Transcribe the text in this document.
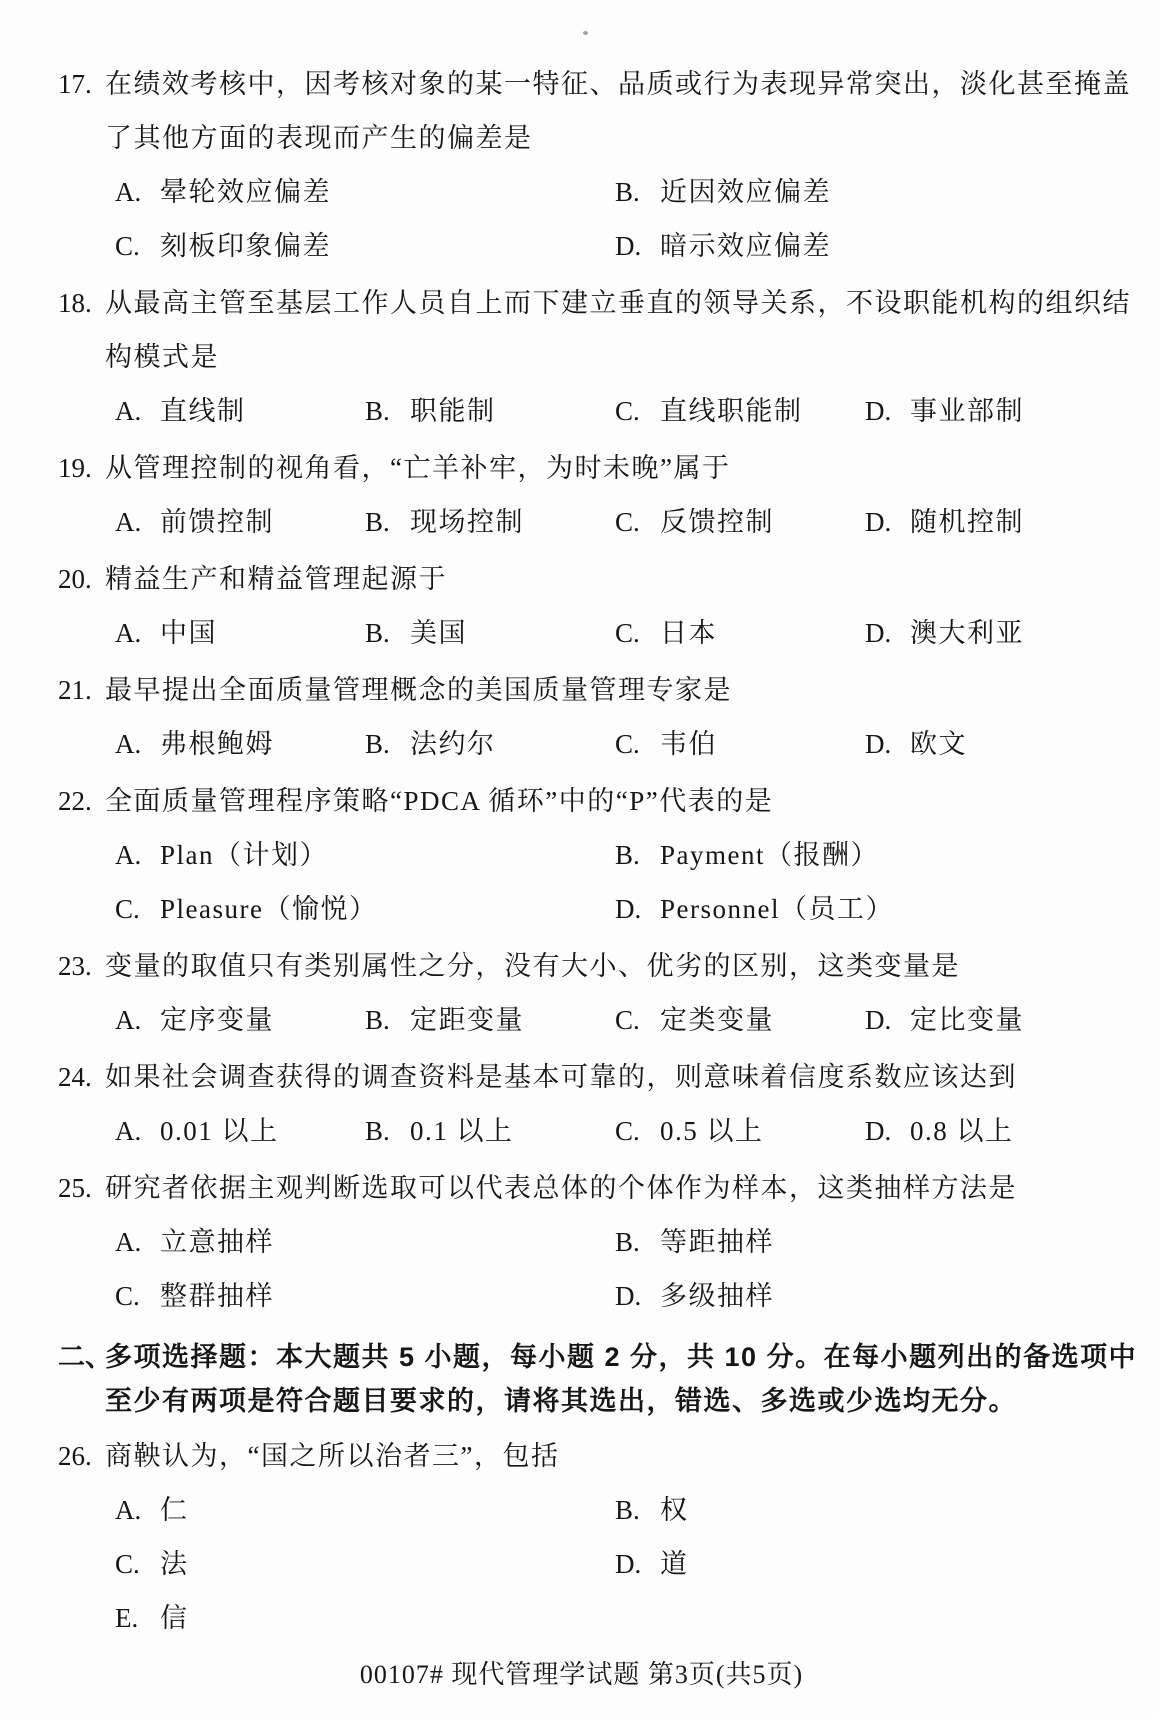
17. 在绩效考核中，因考核对象的某一特征、品质或行为表现异常突出，淡化甚至掩盖
了其他方面的表现而产生的偏差是
A. 晕轮效应偏差	B. 近因效应偏差
C. 刻板印象偏差	D. 暗示效应偏差
18. 从最高主管至基层工作人员自上而下建立垂直的领导关系，不设职能机构的组织结
构模式是
A. 直线制	B. 职能制	C. 直线职能制	D. 事业部制
19. 从管理控制的视角看，“亡羊补牢，为时未晚”属于
A. 前馈控制	B. 现场控制	C. 反馈控制	D. 随机控制
20. 精益生产和精益管理起源于
A. 中国	B. 美国	C. 日本	D. 澳大利亚
21. 最早提出全面质量管理概念的美国质量管理专家是
A. 弗根鲍姆	B. 法约尔	C. 韦伯	D. 欧文
22. 全面质量管理程序策略“PDCA 循环”中的“P”代表的是
A. Plan（计划）	B. Payment（报酬）
C. Pleasure（愉悦）	D. Personnel（员工）
23. 变量的取值只有类别属性之分，没有大小、优劣的区别，这类变量是
A. 定序变量	B. 定距变量	C. 定类变量	D. 定比变量
24. 如果社会调查获得的调查资料是基本可靠的，则意味着信度系数应该达到
A. 0.01 以上	B. 0.1 以上	C. 0.5 以上	D. 0.8 以上
25. 研究者依据主观判断选取可以代表总体的个体作为样本，这类抽样方法是
A. 立意抽样	B. 等距抽样
C. 整群抽样	D. 多级抽样
二、
多项选择题：本大题共 5 小题，每小题 2 分，共 10 分。在每小题列出的备选项中
至少有两项是符合题目要求的，请将其选出，错选、多选或少选均无分。
26. 商鞅认为，“国之所以治者三”，包括
A. 仁	B. 权
C. 法	D. 道
E. 信
00107# 现代管理学试题 第3页(共5页)
